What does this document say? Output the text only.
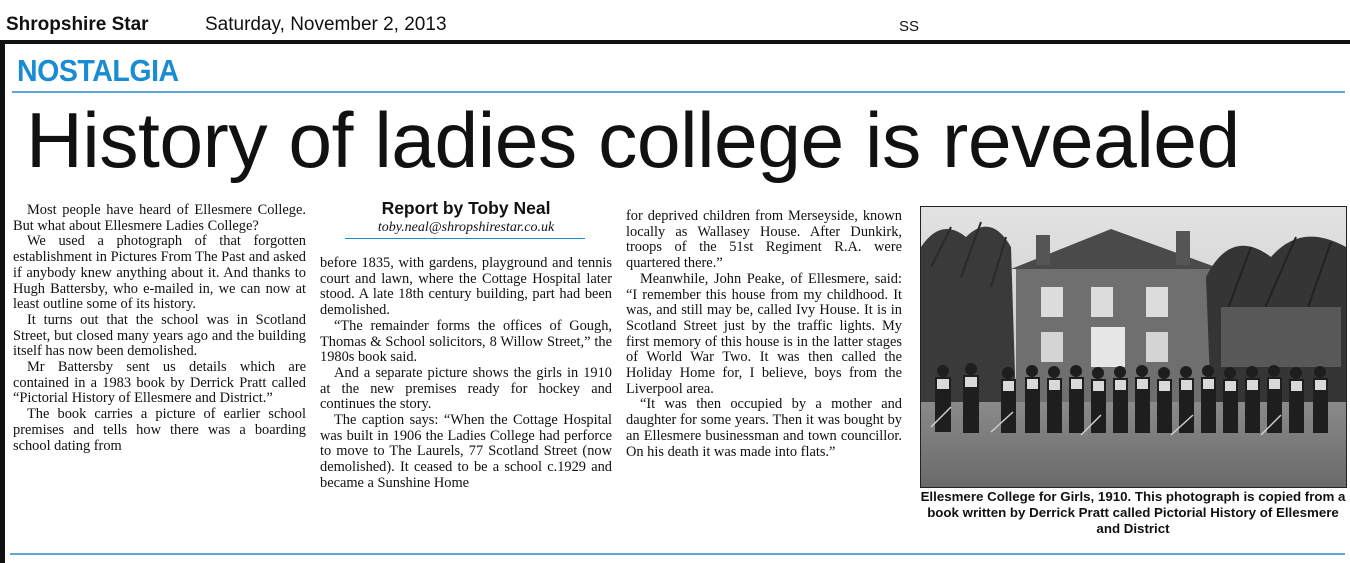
Shropshire Star	Saturday, November 2, 2013	SS
NOSTALGIA
History of ladies college is revealed

Most people have heard of Ellesmere College. But what about Ellesmere Ladies College?

We used a photograph of that forgotten establishment in Pictures From The Past and asked if anybody knew anything about it. And thanks to Hugh Battersby, who e-mailed in, we can now at least outline some of its history.

It turns out that the school was in Scotland Street, but closed many years ago and the building itself has now been demolished.

Mr Battersby sent us details which are contained in a 1983 book by Derrick Pratt called “Pictorial History of Ellesmere and District.”

The book carries a picture of earlier school premises and tells how there was a boarding school dating from

Report by Toby Neal
toby.neal@shropshirestar.co.uk

before 1835, with gardens, playground and tennis court and lawn, where the Cottage Hospital later stood. A late 18th century building, part had been demolished.

“The remainder forms the offices of Gough, Thomas & School solicitors, 8 Willow Street,” the 1980s book said.

And a separate picture shows the girls in 1910 at the new premises ready for hockey and continues the story.

The caption says: “When the Cottage Hospital was built in 1906 the Ladies College had perforce to move to The Laurels, 77 Scotland Street (now demolished). It ceased to be a school c.1929 and became a Sunshine Home

for deprived children from Merseyside, known locally as Wallasey House. After Dunkirk, troops of the 51st Regiment R.A. were quartered there.”

Meanwhile, John Peake, of Ellesmere, said: “I remember this house from my childhood. It was, and still may be, called Ivy House. It is in Scotland Street just by the traffic lights. My first memory of this house is in the latter stages of World War Two. It was then called the Holiday Home for, I believe, boys from the Liverpool area.

“It was then occupied by a mother and daughter for some years. Then it was bought by an Ellesmere businessman and town councillor. On his death it was made into flats.”

Ellesmere College for Girls, 1910. This photograph is copied from a book written by Derrick Pratt called Pictorial History of Ellesmere and District
